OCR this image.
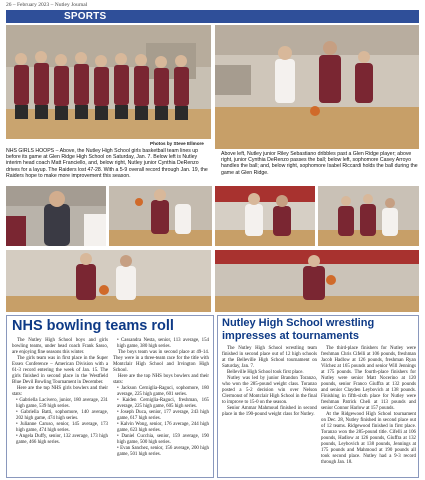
26 – February 2023 – Nutley Journal
SPORTS
Photos by Steve Ellmore
NHS GIRLS HOOPS – Above, the Nutley High School girls basketball team lines up before its game at Glen Ridge High School on Saturday, Jan. 7. Below left is Nutley interim head coach Matt Franciello, and, below right, Nutley junior Cynthia DeRenzo drives for a layup. The Raiders lost 47-28. With a 5-9 overall record through Jan. 19, the Raiders hope to make more improvement this season.
Above left, Nutley junior Riley Sebastiano dribbles past a Glen Ridge player; above right, junior Cynthia DeRenzo passes the ball; below left, sophomore Casey Arroyo handles the ball; and, below right, sophomore Isabel Riccardi holds the ball during the game at Glen Ridge.
NHS bowling teams roll

The Nutley High School boys and girls bowling teams, under head coach Frank Sasso, are enjoying fine seasons this winter.

The girls team was in first place in the Super Essex Conference – American Division with a 61-3 record entering the week of Jan. 15. The girls finished in second place in the Westfield Blue Devil Bowling Tournament in December.

Here are the top NHS girls bowlers and their stats:

• Gabriella Lacivero, junior, 180 average, 231 high game, 539 high series.

• Gabriella Batti, sophomore, 140 average, 202 high game, 474 high series.

• Julianne Caruso, senior, 145 average, 173 high game, 474 high series.

• Angela Duffy, senior, 132 average, 173 high game, 466 high series.

• Cassandra Nesta, senior, 113 average, 154 high game, 380 high series.

The boys team was in second place at 49-14. They were in a three-team race for the title with Montclair High School and Irvington High School.

Here are the top NHS boys bowlers and their stats:

• Jackson Cerniglia-Raguci, sophomore, 180 average, 225 high game, 601 series.

• Kaiden Cerniglia-Raguci, freshman, 165 average, 225 high game, 605 high series.

• Joseph Duca, senior, 177 average, 243 high game, 617 high series.

• Kalvin Wong, senior, 176 average, 244 high game, 623 high series.

• Daniel Cucchia, senior, 159 average, 190 high game, 500 high series.

• Evan Sanchez, senior, 156 average, 200 high game, 501 high series.

Nutley High School wrestling
impresses at tournaments

The Nutley High School wrestling team finished in second place out of 12 high schools at the Belleville High School tournament on Saturday, Jan. 7.

Belleville High School took first place.

Nutley was led by junior Brandon Toranzo, who won the 285-pound weight class. Toranzo posted a 5-2 decision win over Nelson Clermonst of Montclair High School in the final to improve to 15-0 on the season.

Senior Ammar Mahmoud finished in second place in the 190-pound weight class for Nutley.

The third-place finishers for Nutley were freshman Chris Cifelli at 106 pounds, freshman Jacob Hadlow at 126 pounds, freshman Ryan Vilchez at 165 pounds and senior Will Jennings at 175 pounds. The fourth-place finishers for Nutley were senior Matt Nocerino at 120 pounds, senior Franco Giuffra at 132 pounds and senior Clayden Leybovich at 138 pounds. Finishing in fifth-sixth place for Nutley were freshman Patrick Cheli at 113 pounds and senior Connor Harlow at 157 pounds.

At the Ridgewood High School tournament on Dec. 28, Nutley finished in second place out of 12 teams. Ridgewood finished in first place. Toranzo won the 285-pound title. Cifelli at 106 pounds, Hadlow at 126 pounds, Giuffra at 132 pounds, Leybovich at 138 pounds, Jennings at 175 pounds and Mahmoud at 190 pounds all took second place. Nutley had a 9-3 record through Jan. 18.
